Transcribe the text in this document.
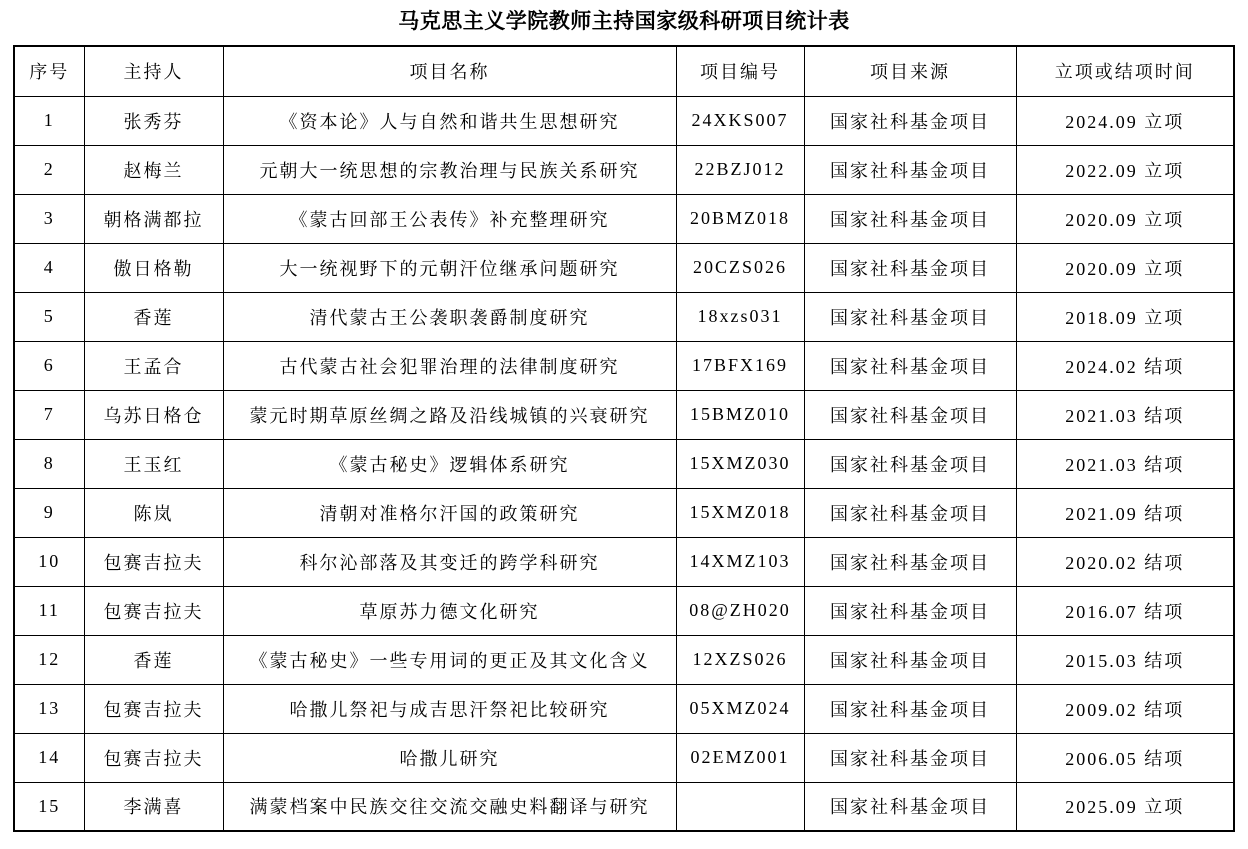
马克思主义学院教师主持国家级科研项目统计表
序号	主持人	项目名称	项目编号	项目来源	立项或结项时间
1	张秀芬	《资本论》人与自然和谐共生思想研究	24XKS007	国家社科基金项目	2024.09 立项
2	赵梅兰	元朝大一统思想的宗教治理与民族关系研究	22BZJ012	国家社科基金项目	2022.09 立项
3	朝格满都拉	《蒙古回部王公表传》补充整理研究	20BMZ018	国家社科基金项目	2020.09 立项
4	傲日格勒	大一统视野下的元朝汗位继承问题研究	20CZS026	国家社科基金项目	2020.09 立项
5	香莲	清代蒙古王公袭职袭爵制度研究	18xzs031	国家社科基金项目	2018.09 立项
6	王孟合	古代蒙古社会犯罪治理的法律制度研究	17BFX169	国家社科基金项目	2024.02 结项
7	乌苏日格仓	蒙元时期草原丝绸之路及沿线城镇的兴衰研究	15BMZ010	国家社科基金项目	2021.03 结项
8	王玉红	《蒙古秘史》逻辑体系研究	15XMZ030	国家社科基金项目	2021.03 结项
9	陈岚	清朝对准格尔汗国的政策研究	15XMZ018	国家社科基金项目	2021.09 结项
10	包赛吉拉夫	科尔沁部落及其变迁的跨学科研究	14XMZ103	国家社科基金项目	2020.02 结项
11	包赛吉拉夫	草原苏力德文化研究	08@ZH020	国家社科基金项目	2016.07 结项
12	香莲	《蒙古秘史》一些专用词的更正及其文化含义	12XZS026	国家社科基金项目	2015.03 结项
13	包赛吉拉夫	哈撒儿祭祀与成吉思汗祭祀比较研究	05XMZ024	国家社科基金项目	2009.02 结项
14	包赛吉拉夫	哈撒儿研究	02EMZ001	国家社科基金项目	2006.05 结项
15	李满喜	满蒙档案中民族交往交流交融史料翻译与研究		国家社科基金项目	2025.09 立项
